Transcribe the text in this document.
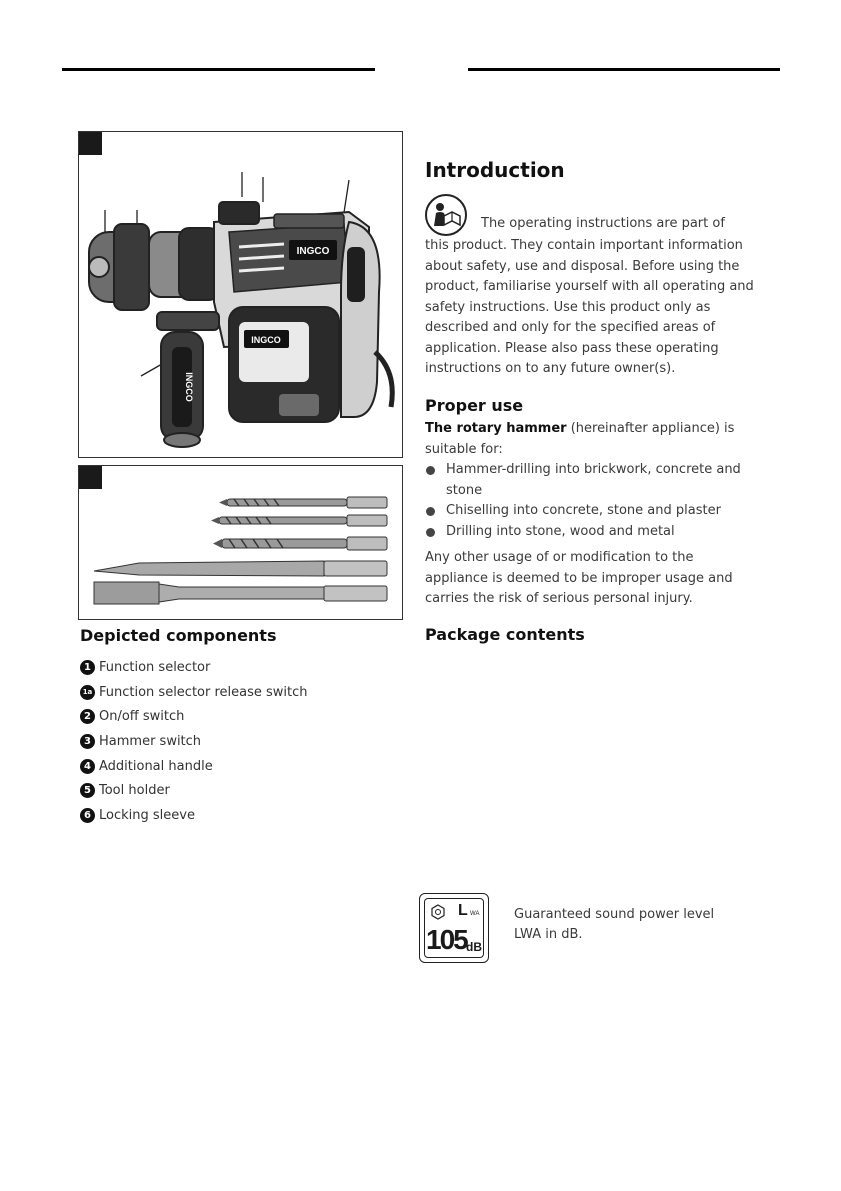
INGCO
INGCO
INGCO
Depicted components
1 Function selector
1a Function selector release switch
2 On/off switch
3 Hammer switch
4 Additional handle
5 Tool holder
6 Locking sleeve
Introduction

The operating instructions are part of

this product. They contain important information about safety, use and disposal. Before using the product, familiarise yourself with all operating and safety instructions. Use this product only as described and only for the specified areas of application. Please also pass these operating instructions on to any future owner(s).

Proper use

The rotary hammer (hereinafter appliance) is suitable for:

Hammer-drilling into brickwork, concrete and stone
Chiselling into concrete, stone and plaster
Drilling into stone, wood and metal

Any other usage of or modification to the appliance is deemed to be improper usage and carries the risk of serious personal injury.

Package contents
L WA
105 dB

Guaranteed sound power level
LWA in dB.
